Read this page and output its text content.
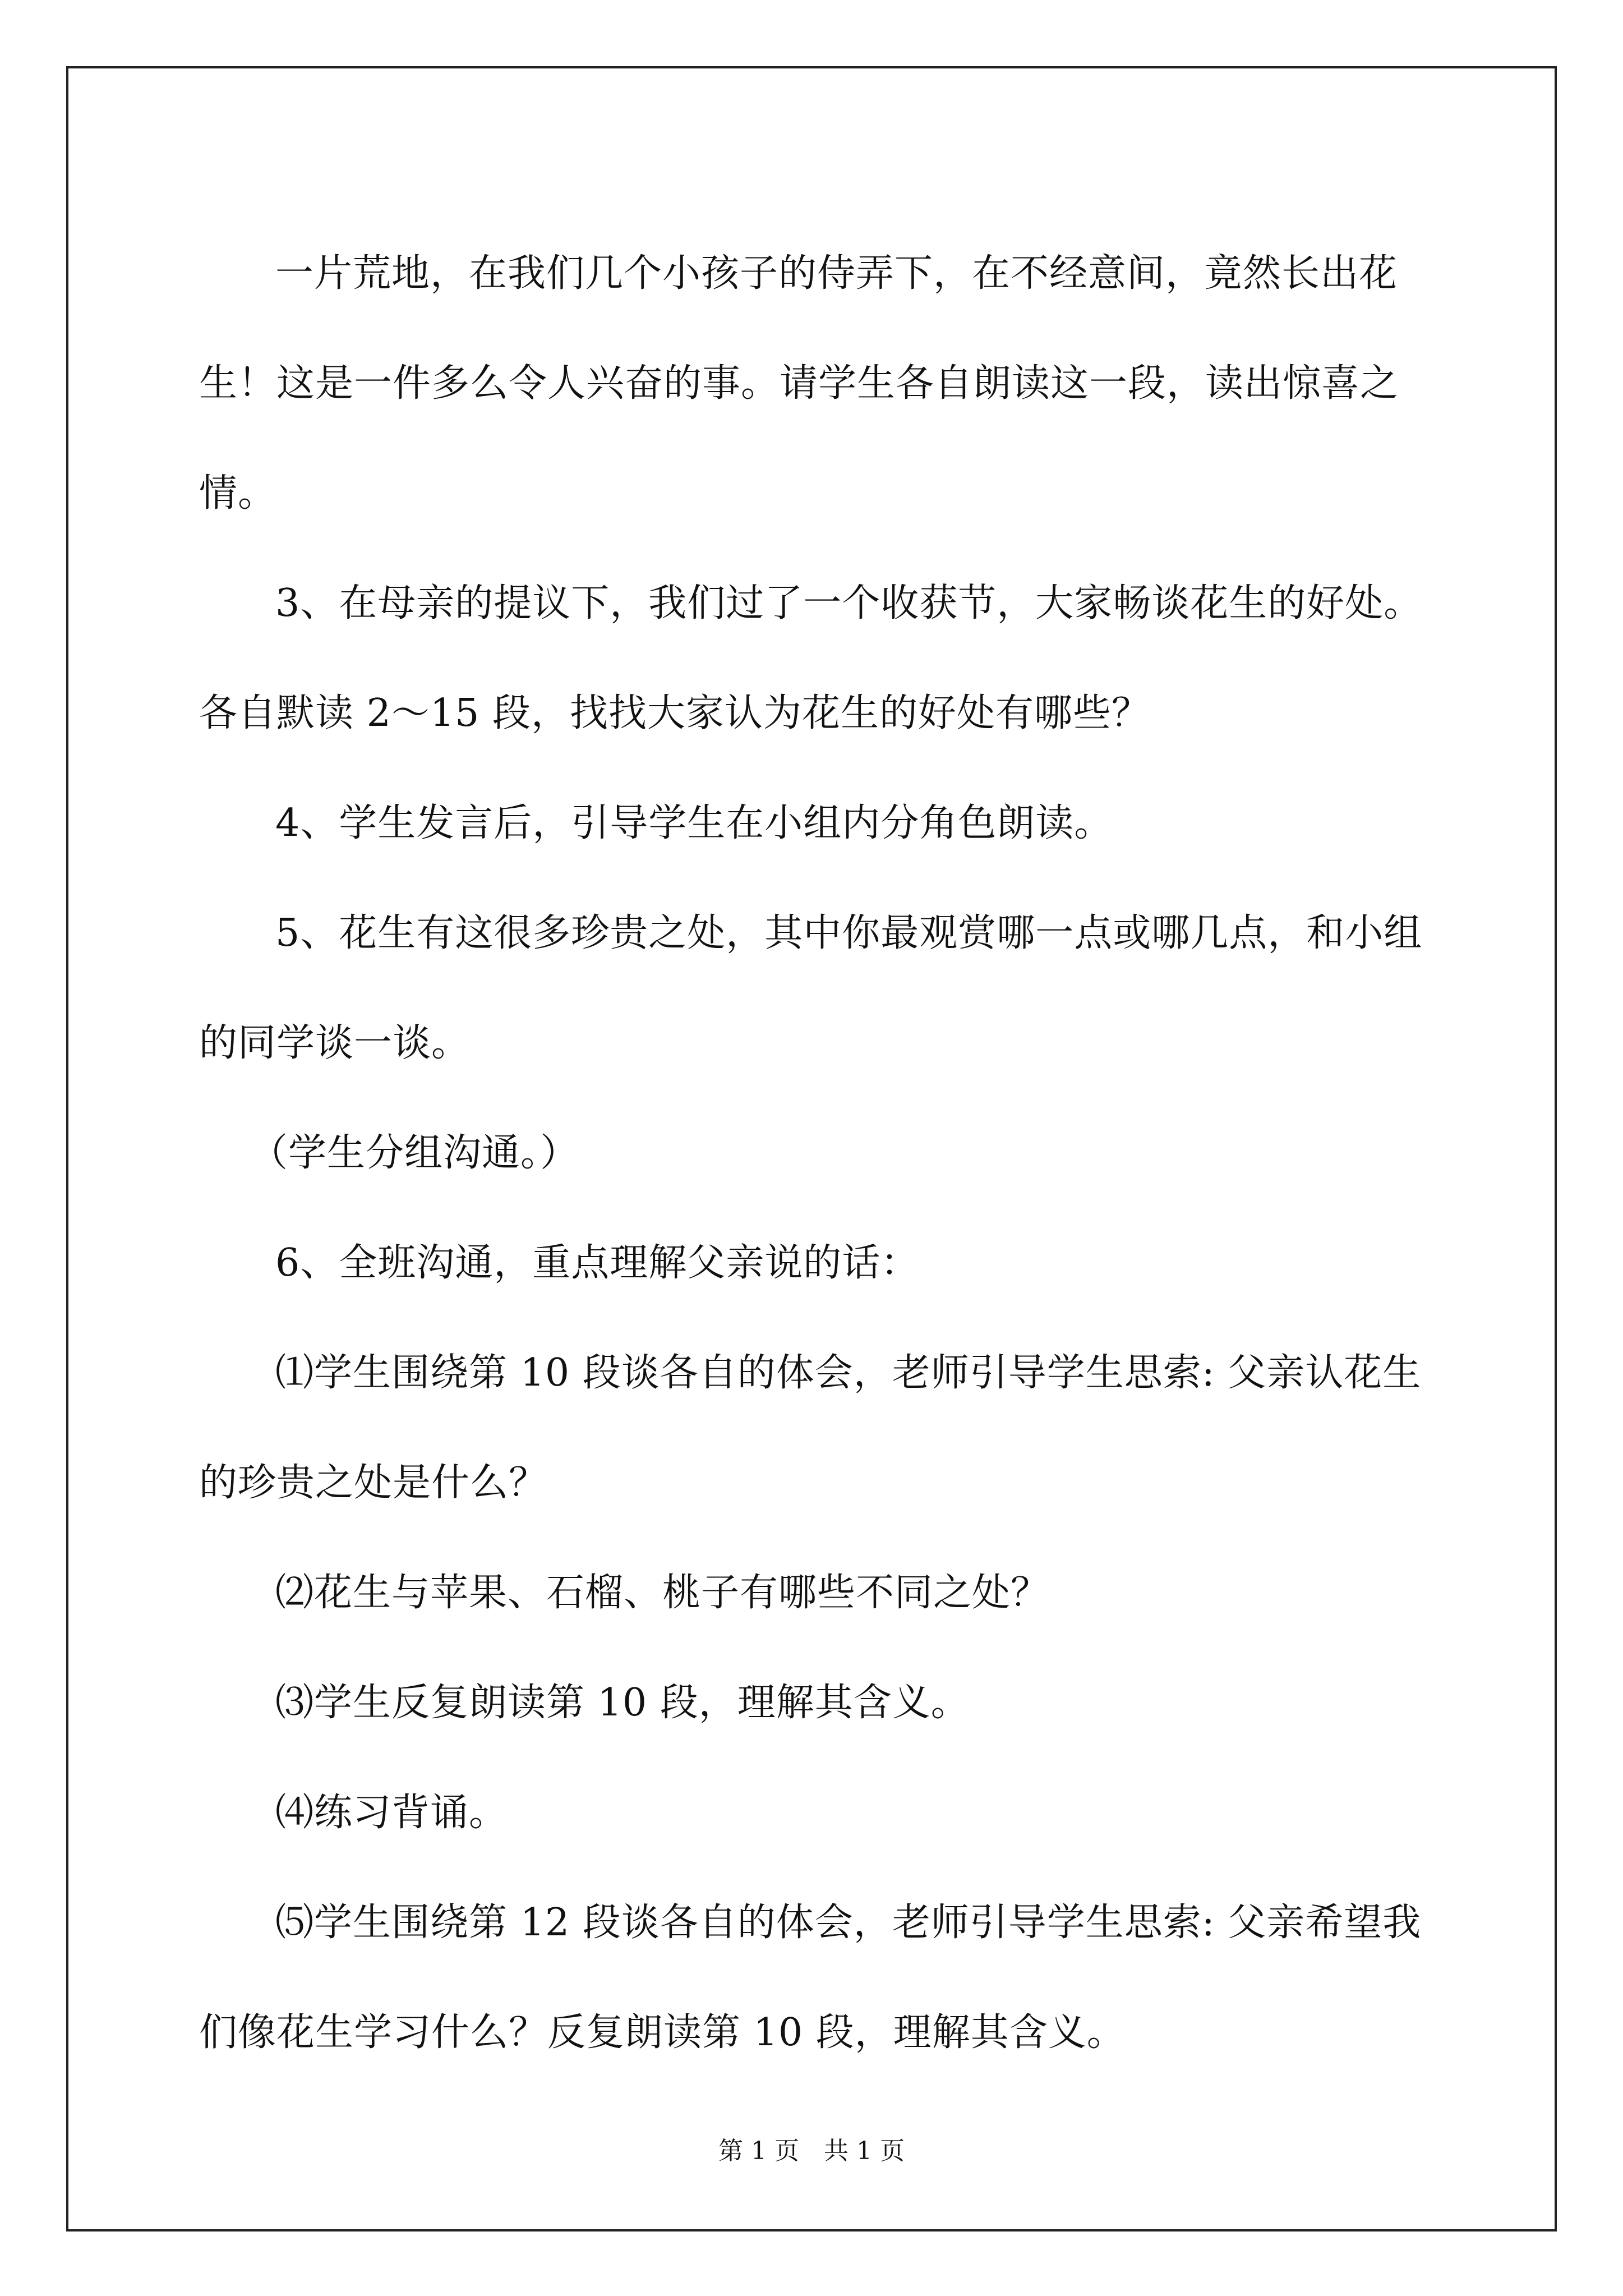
一片荒地，在我们几个小孩子的侍弄下，在不经意间，竟然长出花生！这是一件多么令人兴奋的事。请学生各自朗读这一段，读出惊喜之情。

3、在母亲的提议下，我们过了一个收获节，大家畅谈花生的好处。各自默读 2～15 段，找找大家认为花生的好处有哪些？

4、学生发言后，引导学生在小组内分角色朗读。

5、花生有这很多珍贵之处，其中你最观赏哪一点或哪几点，和小组的同学谈一谈。

（学生分组沟通。）

6、全班沟通，重点理解父亲说的话：

⑴学生围绕第 10 段谈各自的体会，老师引导学生思索: 父亲认花生的珍贵之处是什么？

⑵花生与苹果、石榴、桃子有哪些不同之处？

⑶学生反复朗读第 10 段，理解其含义。

⑷练习背诵。

⑸学生围绕第 12 段谈各自的体会，老师引导学生思索: 父亲希望我们像花生学习什么？反复朗读第 10 段，理解其含义。

第 1 页　共 1 页
